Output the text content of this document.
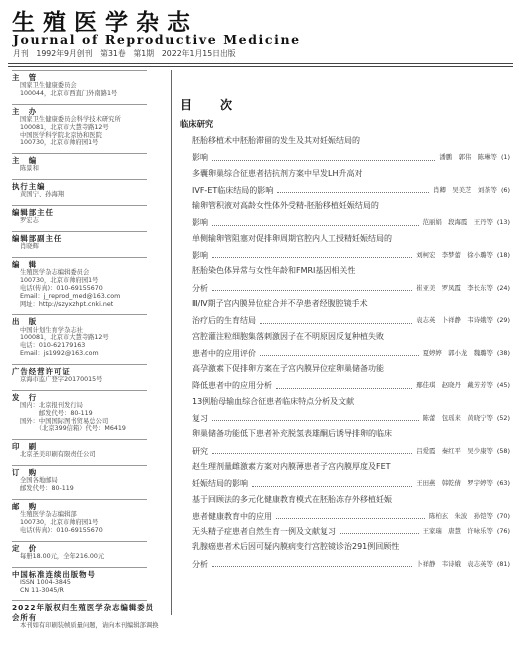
生殖医学杂志
Journal of Reproductive Medicine
月刊　1992年9月创刊　第31卷　第1期　2022年1月15日出版
主　管
国家卫生健康委员会
100044，北京市西直门外南路1号
主　办
国家卫生健康委员会科学技术研究所
100081，北京市大慧寺路12号
中国医学科学院北京协和医院
100730，北京市帅府园1号
主　编
陈景和
执行主编
黄国宁、孙海翔
编辑部主任
罗宏志
编辑部副主任
肖晓辉
编　辑
生殖医学杂志编辑委员会
100730，北京市帅府园1号
电话(传真)：010-69155670
Email：j_reprod_med@163.com
网址：http://szyxzhpt.cnki.net
出　版
中国计划生育学杂志社
100081，北京市大慧寺路12号
电话：010-62179163
Email：js1992@163.com
广告经营许可证
京海市监广登字20170015号
发　行
国内：北京报刊发行局
　　　邮发代号：80-119
国外：中国国际图书贸易总公司
　　　（北京399信箱）代号：M6419
印　刷
北京圣美印刷有限责任公司
订　购
全国各地邮局
邮发代号：80-119
邮　购
生殖医学杂志编辑部
100730，北京市帅府园1号
电话(传真)：010-69155670
定　价
每册18.00元，全年216.00元
中国标准连续出版物号
ISSN 1004-3845
CN 11-3045/R
2022年版权归生殖医学杂志编辑委员会所有
本刊如有印刷装帧质量问题，请向本刊编辑部调换
目　次
临床研究
胚胎移植术中胚胎滞留的发生及其对妊娠结局的
影响	潘鹏　郭伟　陈琳等 (1)
多囊卵巢综合征患者拮抗剂方案中早发LH升高对
IVF-ET临床结局的影响	肖卿　吴美芝　刘茶等 (6)
输卵管积液对高龄女性体外受精-胚胎移植妊娠结局的
影响	范丽娟　段海霞　王丹等 (13)
单侧输卵管阻塞对促排卵周期官腔内人工授精妊娠结局的
影响	刘柯宏　李梦蕾　徐小璐等 (18)
胚胎染色体异常与女性年龄和FMRI基因相关性
分析	崔亚美　罗凤霞　李长东等 (24)
Ⅲ/Ⅳ期子宫内膜异位症合并不孕患者经腹腔镜手术
治疗后的生育结局	袁志英　卜祥静　韦诗娥等 (29)
宫腔灌注粒细胞集落刺激因子在不明原因反复种植失败
患者中的应用评价	夏婷婷　郭小龙　魏璐等 (38)
高孕激素下促排卵方案在子宫内膜异位症卵巢储备功能
降低患者中的应用分析	鄢佳琪　赵晓丹　戴芳芳等 (45)
13例胎母输血综合征患者临床特点分析及文献
复习	陈蕾　包瑶来　黄晓宁等 (52)
卵巢储备功能低下患者补充脱氢表雄酮后诱导排卵的临床
研究	吕爱霞　秦红平　吴少康等 (58)
赵生理剂量雌激素方案对内膜薄患者子宫内膜厚度及FET
妊娠结局的影响	王田燕　韩乾倩　罗宇婷等 (63)
基于回顾法的多元化健康教育模式在胚胎冻存外移植妊娠
患者健康教育中的应用	陈柏玄　朱波　孙铠等 (70)
无头精子症患者自然生育一例及文献复习	王家瑞　唐慧　许咏乐等 (76)
乳腺癌患者术后因可疑内膜病变行宫腔镜诊治291例回顾性
分析	卜祥静　韦诗娥　袁志英等 (81)
